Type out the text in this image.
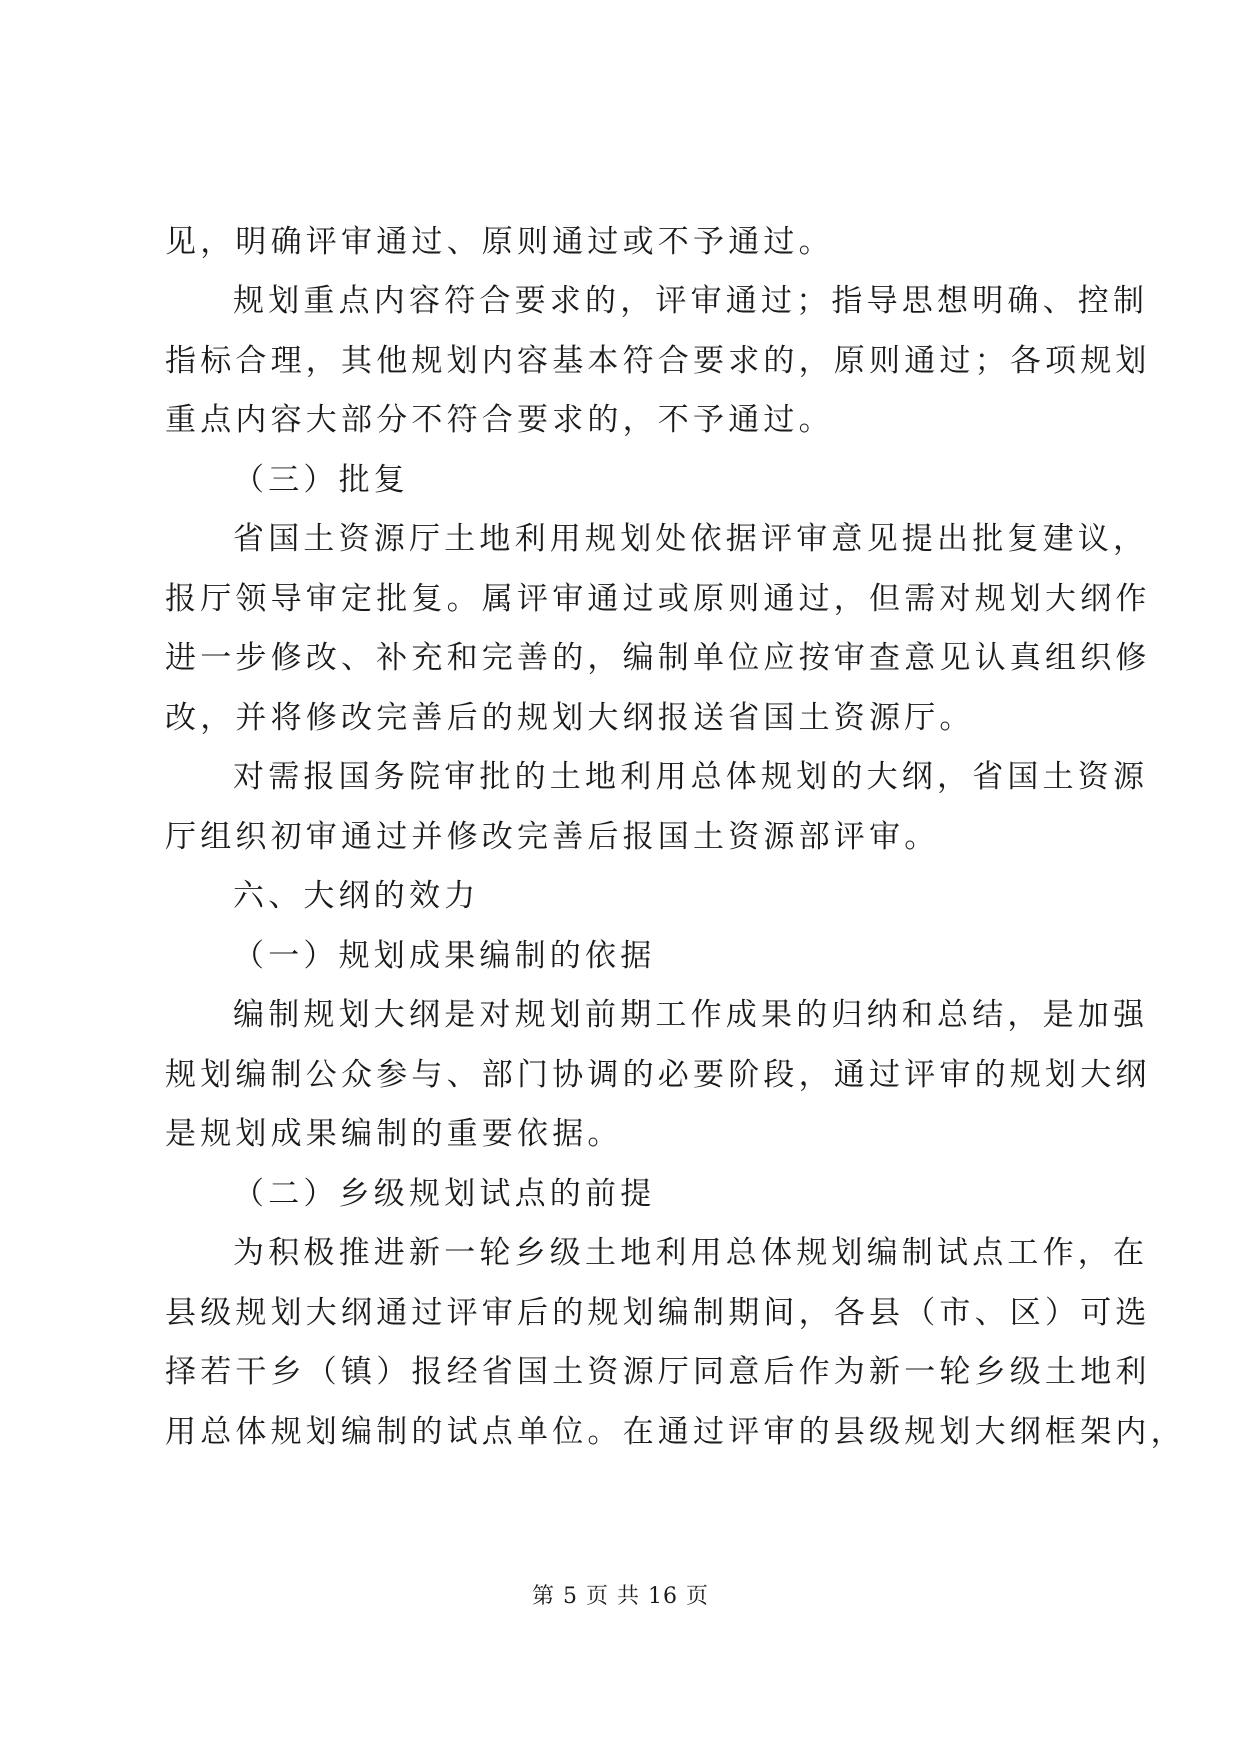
见，明确评审通过、原则通过或不予通过。
规划重点内容符合要求的，评审通过；指导思想明确、控制
指标合理，其他规划内容基本符合要求的，原则通过；各项规划
重点内容大部分不符合要求的，不予通过。
（三）批复
省国土资源厅土地利用规划处依据评审意见提出批复建议，
报厅领导审定批复。属评审通过或原则通过，但需对规划大纲作
进一步修改、补充和完善的，编制单位应按审查意见认真组织修
改，并将修改完善后的规划大纲报送省国土资源厅。
对需报国务院审批的土地利用总体规划的大纲，省国土资源
厅组织初审通过并修改完善后报国土资源部评审。
六、大纲的效力
（一）规划成果编制的依据
编制规划大纲是对规划前期工作成果的归纳和总结，是加强
规划编制公众参与、部门协调的必要阶段，通过评审的规划大纲
是规划成果编制的重要依据。
（二）乡级规划试点的前提
为积极推进新一轮乡级土地利用总体规划编制试点工作，在
县级规划大纲通过评审后的规划编制期间，各县（市、区）可选
择若干乡（镇）报经省国土资源厅同意后作为新一轮乡级土地利
用总体规划编制的试点单位。在通过评审的县级规划大纲框架内，
第 5 页 共 16 页
